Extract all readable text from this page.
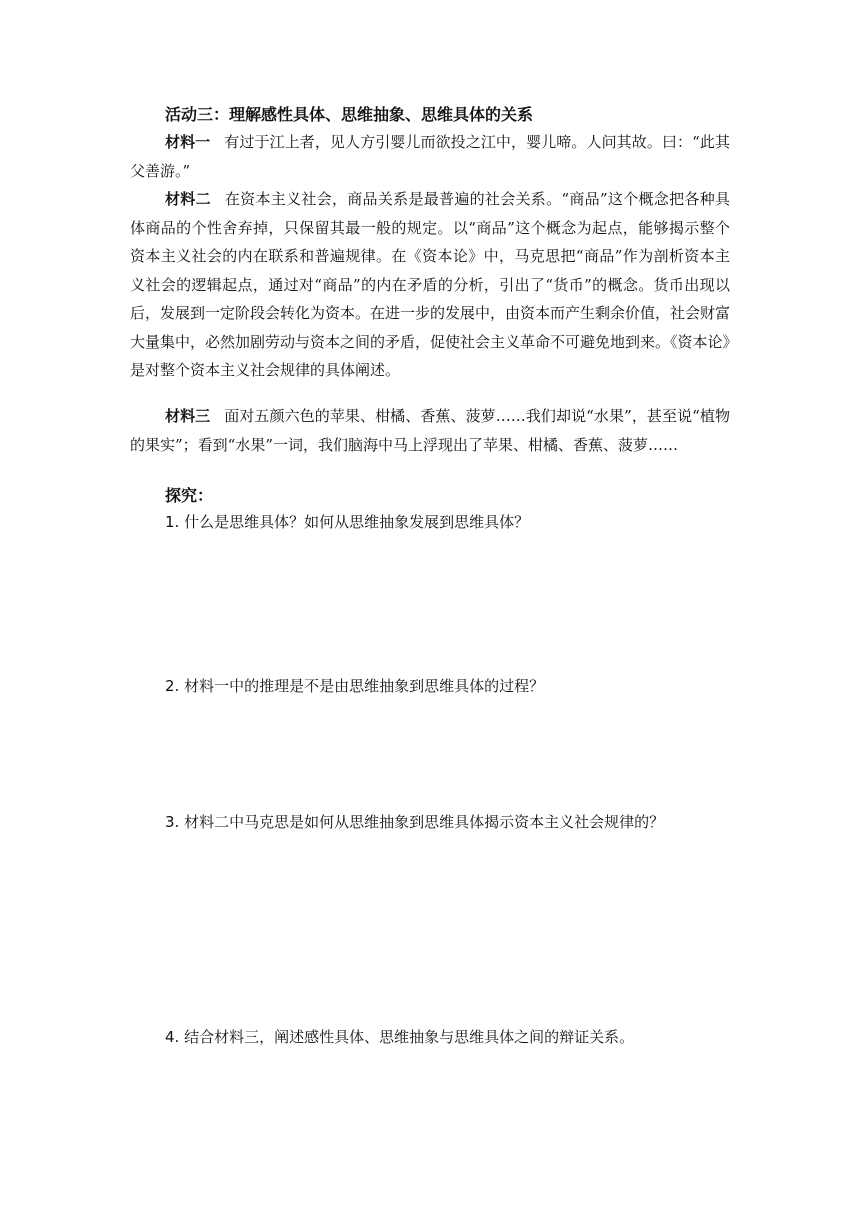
活动三：理解感性具体、思维抽象、思维具体的关系
材料一 有过于江上者，见人方引婴儿而欲投之江中，婴儿啼。人问其故。曰：“此其父善游。”
材料二 在资本主义社会，商品关系是最普遍的社会关系。“商品”这个概念把各种具体商品的个性舍弃掉，只保留其最一般的规定。以“商品”这个概念为起点，能够揭示整个资本主义社会的内在联系和普遍规律。在《资本论》中，马克思把“商品”作为剖析资本主义社会的逻辑起点，通过对“商品”的内在矛盾的分析，引出了“货币”的概念。货币出现以后，发展到一定阶段会转化为资本。在进一步的发展中，由资本而产生剩余价值，社会财富大量集中，必然加剧劳动与资本之间的矛盾，促使社会主义革命不可避免地到来。《资本论》是对整个资本主义社会规律的具体阐述。
材料三 面对五颜六色的苹果、柑橘、香蕉、菠萝……我们却说“水果”，甚至说“植物的果实”；看到“水果”一词，我们脑海中马上浮现出了苹果、柑橘、香蕉、菠萝……
探究：
1. 什么是思维具体？如何从思维抽象发展到思维具体？
2. 材料一中的推理是不是由思维抽象到思维具体的过程？
3. 材料二中马克思是如何从思维抽象到思维具体揭示资本主义社会规律的？
4. 结合材料三，阐述感性具体、思维抽象与思维具体之间的辩证关系。
